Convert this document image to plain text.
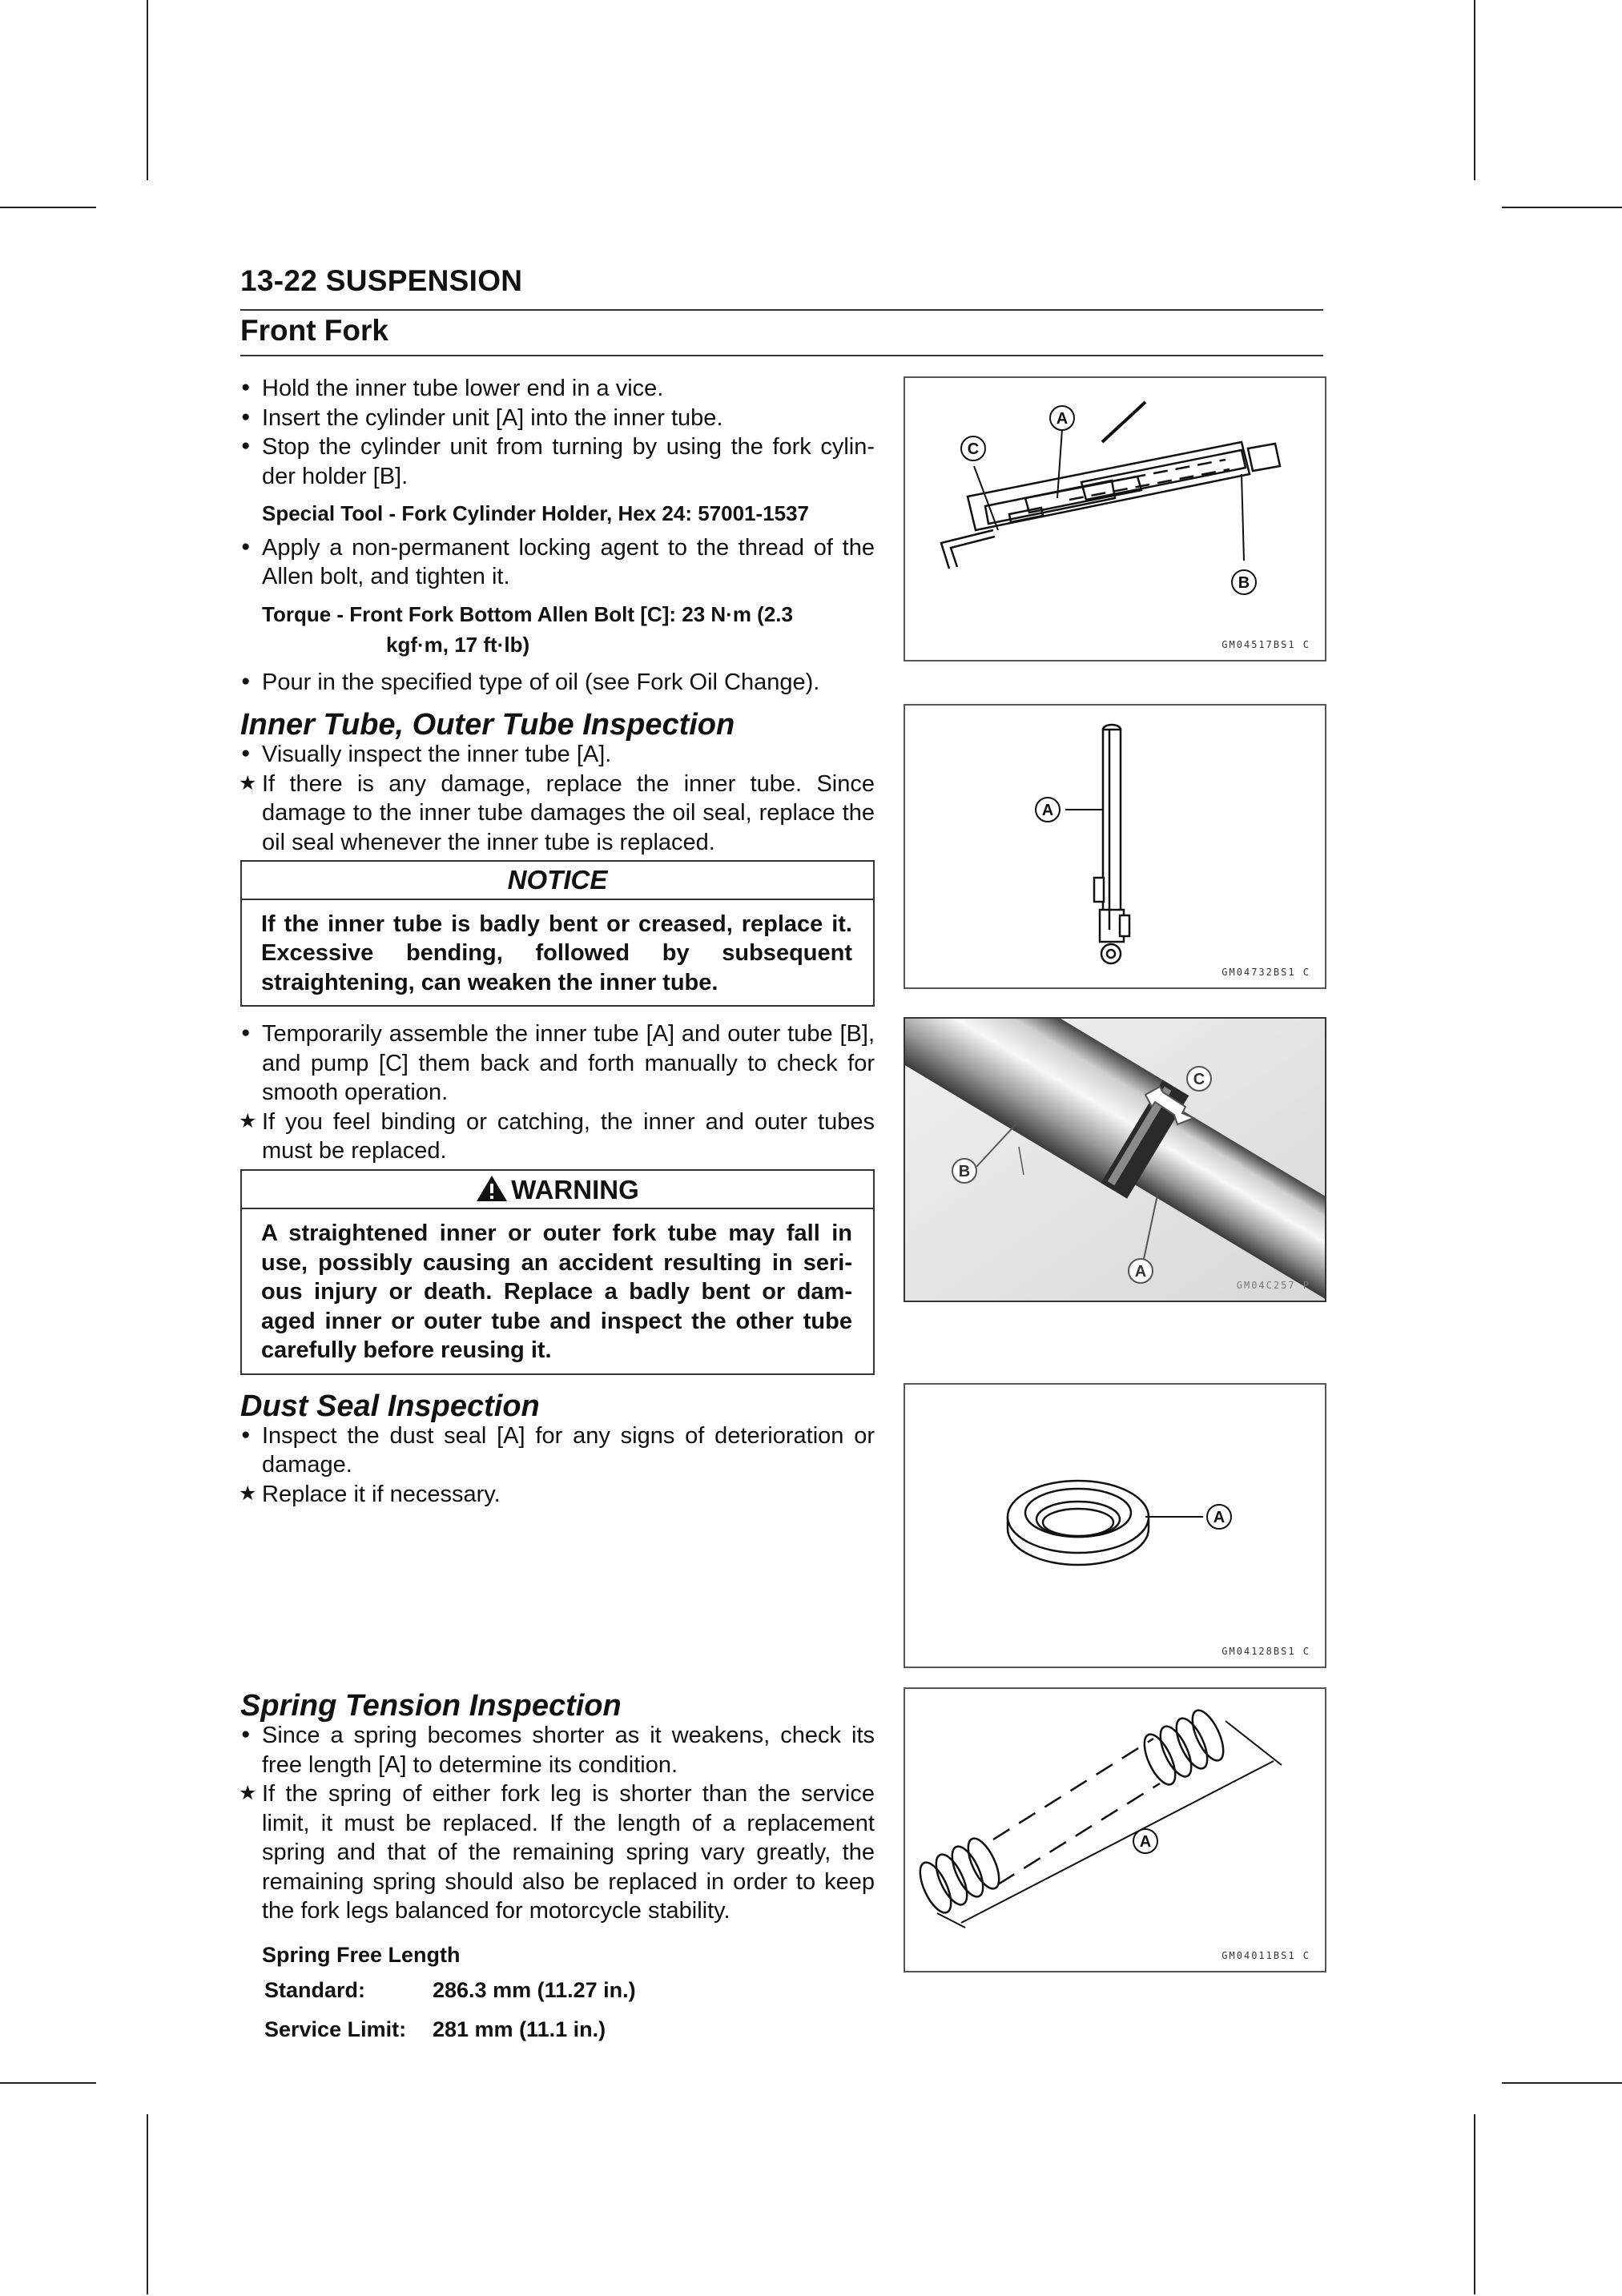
13-22 SUSPENSION
Front Fork
● Hold the inner tube lower end in a vice.
● Insert the cylinder unit [A] into the inner tube.
● Stop the cylinder unit from turning by using the fork cylin- der holder [B].
Special Tool - Fork Cylinder Holder, Hex 24: 57001-1537
● Apply a non-permanent locking agent to the thread of the Allen bolt, and tighten it.
Torque - Front Fork Bottom Allen Bolt [C]: 23 N·m (2.3
kgf·m, 17 ft·lb)
● Pour in the specified type of oil (see Fork Oil Change).
Inner Tube, Outer Tube Inspection
● Visually inspect the inner tube [A].
★ If there is any damage, replace the inner tube. Since damage to the inner tube damages the oil seal, replace the oil seal whenever the inner tube is replaced.
NOTICE
If the inner tube is badly bent or creased, replace it. Excessive bending, followed by subsequent straightening, can weaken the inner tube.
● Temporarily assemble the inner tube [A] and outer tube [B], and pump [C] them back and forth manually to check for smooth operation.
★ If you feel binding or catching, the inner and outer tubes must be replaced.
WARNING
A straightened inner or outer fork tube may fall in use, possibly causing an accident resulting in seri- ous injury or death. Replace a badly bent or dam- aged inner or outer tube and inspect the other tube carefully before reusing it.
Dust Seal Inspection
● Inspect the dust seal [A] for any signs of deterioration or damage.
★ Replace it if necessary.
Spring Tension Inspection
● Since a spring becomes shorter as it weakens, check its free length [A] to determine its condition.
★ If the spring of either fork leg is shorter than the service limit, it must be replaced. If the length of a replacement spring and that of the remaining spring vary greatly, the remaining spring should also be replaced in order to keep the fork legs balanced for motorcycle stability.
Spring Free Length
Standard:	286.3 mm (11.27 in.)
Service Limit:	281 mm (11.1 in.)
C
A
B
GM04517BS1 C
A
GM04732BS1 C
C
B
A
GM04C257 P
A
GM04128BS1 C
A
GM04011BS1 C
